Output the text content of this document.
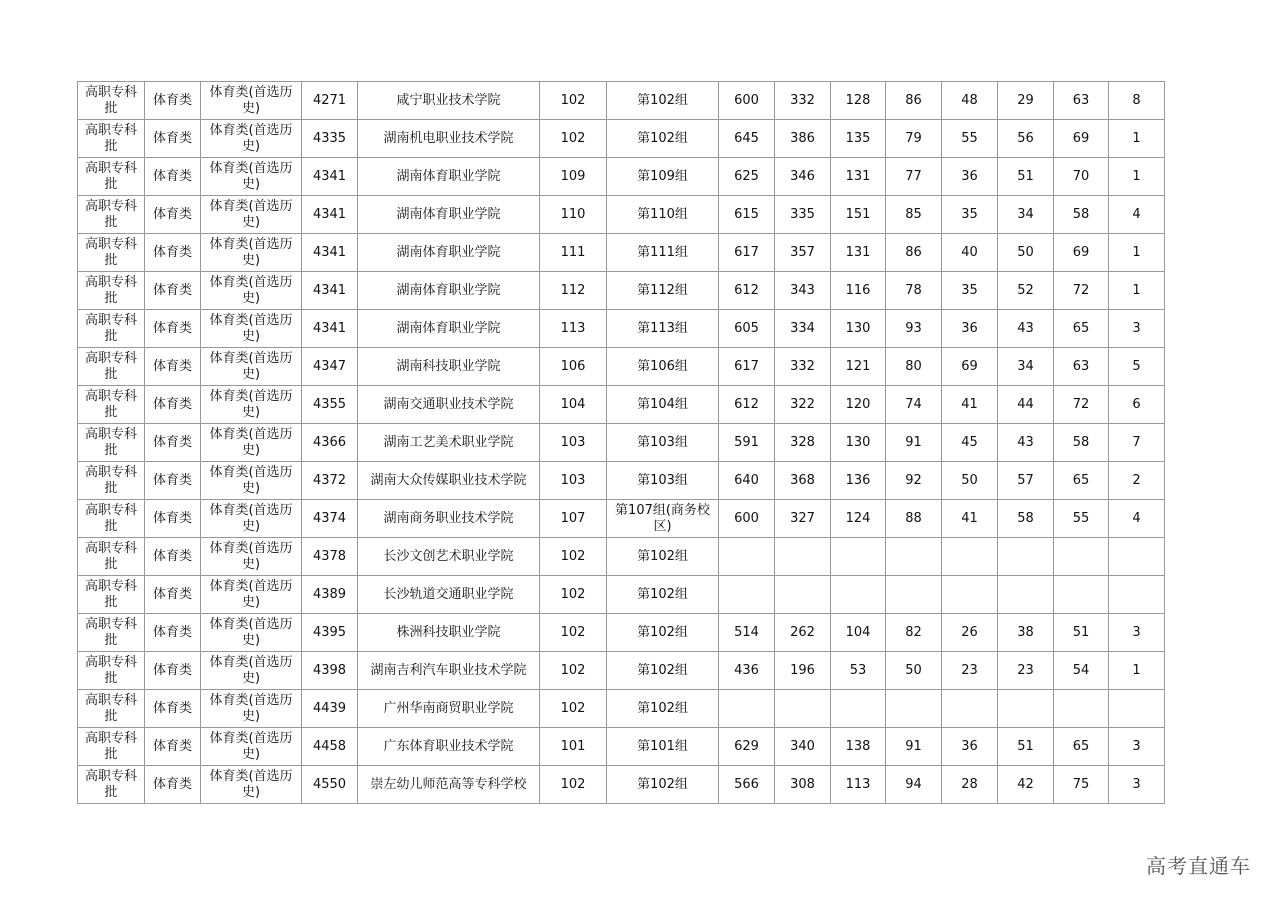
高职专科批	体育类	体育类(首选历史)	4271	咸宁职业技术学院	102	第102组	600	332	128	86	48	29	63	8
高职专科批	体育类	体育类(首选历史)	4335	湖南机电职业技术学院	102	第102组	645	386	135	79	55	56	69	1
高职专科批	体育类	体育类(首选历史)	4341	湖南体育职业学院	109	第109组	625	346	131	77	36	51	70	1
高职专科批	体育类	体育类(首选历史)	4341	湖南体育职业学院	110	第110组	615	335	151	85	35	34	58	4
高职专科批	体育类	体育类(首选历史)	4341	湖南体育职业学院	111	第111组	617	357	131	86	40	50	69	1
高职专科批	体育类	体育类(首选历史)	4341	湖南体育职业学院	112	第112组	612	343	116	78	35	52	72	1
高职专科批	体育类	体育类(首选历史)	4341	湖南体育职业学院	113	第113组	605	334	130	93	36	43	65	3
高职专科批	体育类	体育类(首选历史)	4347	湖南科技职业学院	106	第106组	617	332	121	80	69	34	63	5
高职专科批	体育类	体育类(首选历史)	4355	湖南交通职业技术学院	104	第104组	612	322	120	74	41	44	72	6
高职专科批	体育类	体育类(首选历史)	4366	湖南工艺美术职业学院	103	第103组	591	328	130	91	45	43	58	7
高职专科批	体育类	体育类(首选历史)	4372	湖南大众传媒职业技术学院	103	第103组	640	368	136	92	50	57	65	2
高职专科批	体育类	体育类(首选历史)	4374	湖南商务职业技术学院	107	第107组(商务校区)	600	327	124	88	41	58	55	4
高职专科批	体育类	体育类(首选历史)	4378	长沙文创艺术职业学院	102	第102组								
高职专科批	体育类	体育类(首选历史)	4389	长沙轨道交通职业学院	102	第102组								
高职专科批	体育类	体育类(首选历史)	4395	株洲科技职业学院	102	第102组	514	262	104	82	26	38	51	3
高职专科批	体育类	体育类(首选历史)	4398	湖南吉利汽车职业技术学院	102	第102组	436	196	53	50	23	23	54	1
高职专科批	体育类	体育类(首选历史)	4439	广州华南商贸职业学院	102	第102组								
高职专科批	体育类	体育类(首选历史)	4458	广东体育职业技术学院	101	第101组	629	340	138	91	36	51	65	3
高职专科批	体育类	体育类(首选历史)	4550	崇左幼儿师范高等专科学校	102	第102组	566	308	113	94	28	42	75	3
高考直通车
